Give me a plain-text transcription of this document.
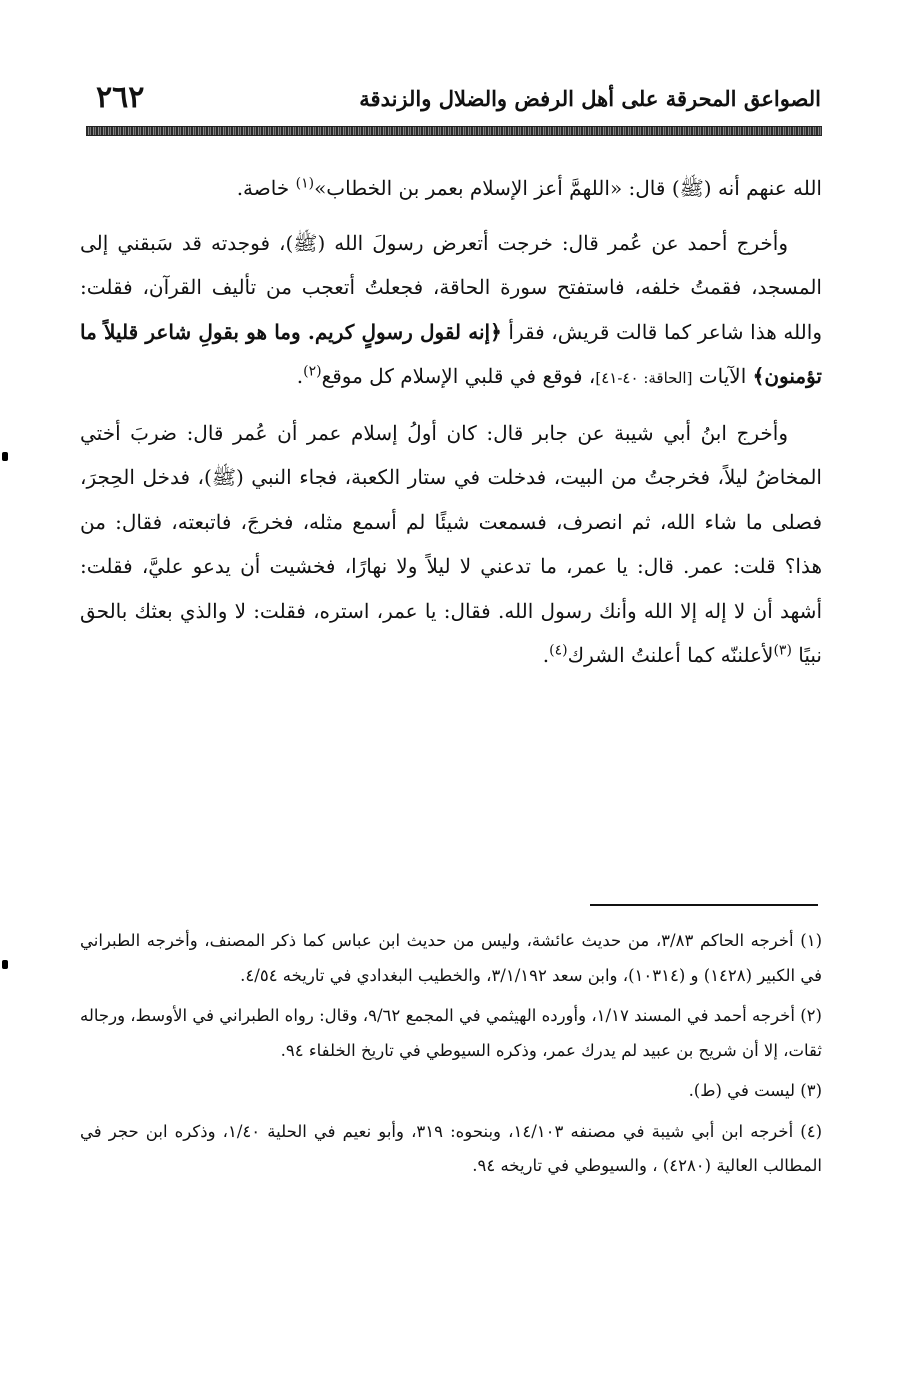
٢٦٢	الصواعق المحرقة على أهل الرفض والضلال والزندقة

الله عنهم أنه (ﷺ) قال: «اللهمَّ أعز الإسلام بعمر بن الخطاب»$^{(١)}$ خاصة.

وأخرج أحمد عن عُمر قال: خرجت أتعرض رسولَ الله (ﷺ)، فوجدته قد سَبقني إلى المسجد، فقمتُ خلفه، فاستفتح سورة الحاقة، فجعلتُ أتعجب من تأليف القرآن، فقلت: والله هذا شاعر كما قالت قريش، فقرأ ﴿إنه لقول رسولٍ كريم. وما هو بقولِ شاعر قليلاً ما تؤمنون﴾ الآيات [الحاقة: ٤٠-٤١]، فوقع في قلبي الإسلام كل موقع$^{(٢)}$.

وأخرج ابنُ أبي شيبة عن جابر قال: كان أولُ إسلام عمر أن عُمر قال: ضربَ أختي المخاضُ ليلاً، فخرجتُ من البيت، فدخلت في ستار الكعبة، فجاء النبي (ﷺ)، فدخل الحِجرَ، فصلى ما شاء الله، ثم انصرف، فسمعت شيئًا لم أسمع مثله، فخرجَ، فاتبعته، فقال: من هذا؟ قلت: عمر. قال: يا عمر، ما تدعني لا ليلاً ولا نهارًا، فخشيت أن يدعو عليَّ، فقلت: أشهد أن لا إله إلا الله وأنك رسول الله. فقال: يا عمر، استره، فقلت: لا والذي بعثك بالحق نبيًا $^{(٣)}$لأعلننّه كما أعلنتُ الشرك$^{(٤)}$.

(١) أخرجه الحاكم ٣/٨٣، من حديث عائشة، وليس من حديث ابن عباس كما ذكر المصنف، وأخرجه الطبراني في الكبير (١٤٢٨) و (١٠٣١٤)، وابن سعد ٣/١/١٩٢، والخطيب البغدادي في تاريخه ٤/٥٤.

(٢) أخرجه أحمد في المسند ١/١٧، وأورده الهيثمي في المجمع ٩/٦٢، وقال: رواه الطبراني في الأوسط، ورجاله ثقات، إلا أن شريح بن عبيد لم يدرك عمر، وذكره السيوطي في تاريخ الخلفاء ٩٤.

(٣) ليست في (ط).

(٤) أخرجه ابن أبي شيبة في مصنفه ١٤/١٠٣، وبنحوه: ٣١٩، وأبو نعيم في الحلية ١/٤٠، وذكره ابن حجر في المطالب العالية (٤٢٨٠) ، والسيوطي في تاريخه ٩٤.
